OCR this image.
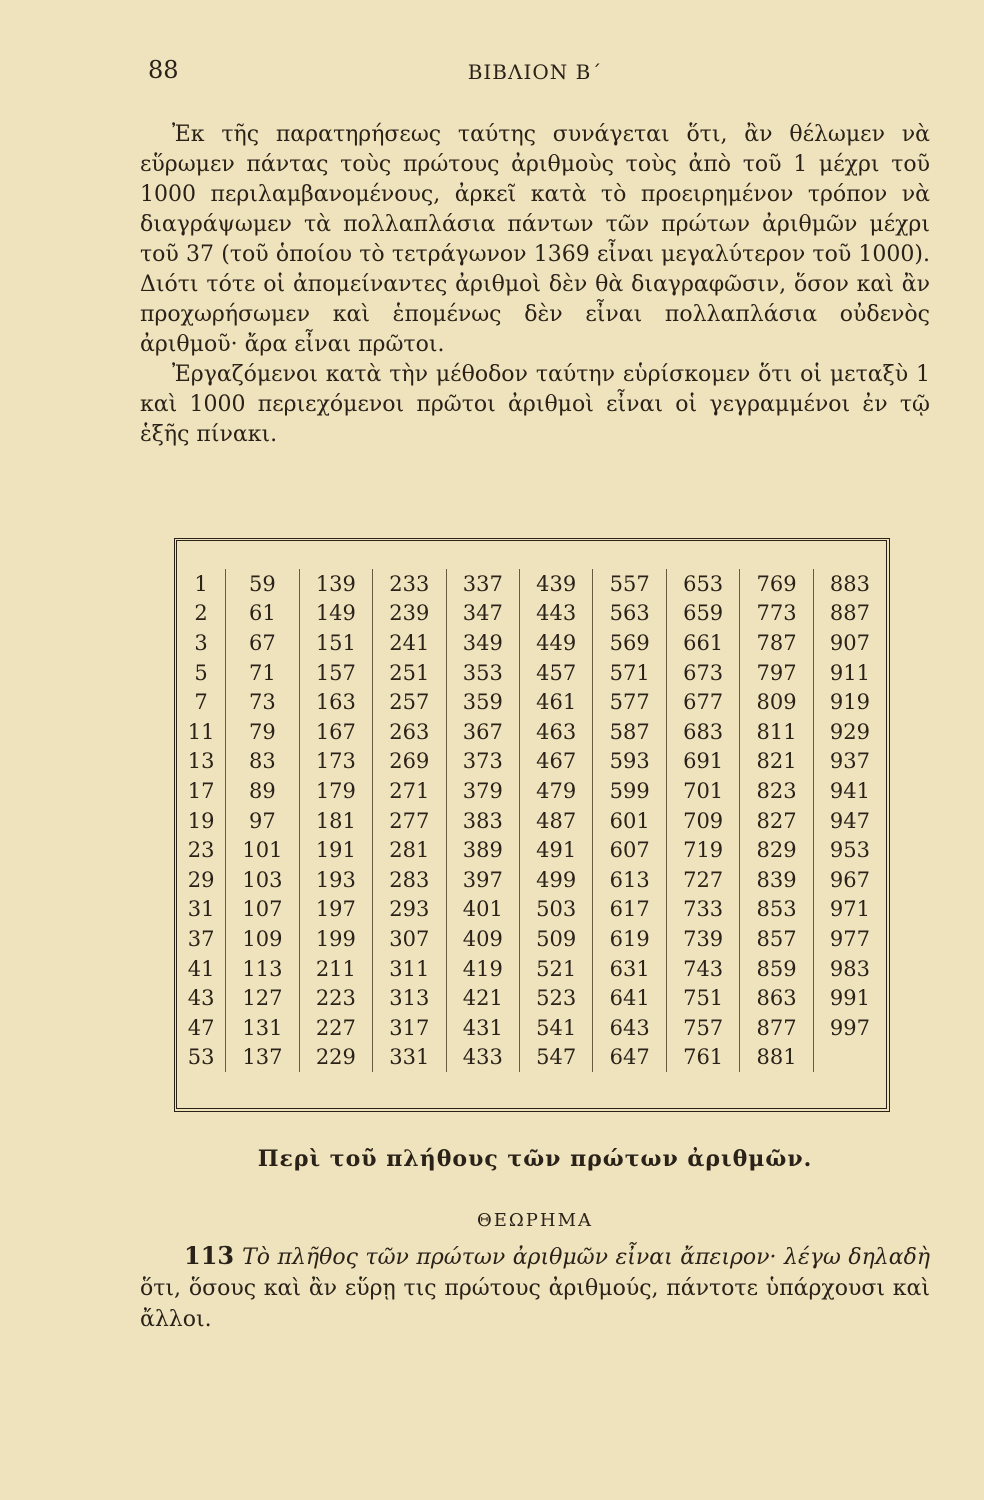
88	ΒΙΒΛΙΟΝ Β΄

Ἐκ τῆς παρατηρήσεως ταύτης συνάγεται ὅτι, ἂν θέλωμεν νὰ εὕρωμεν πάντας τοὺς πρώτους ἀριθμοὺς τοὺς ἀπὸ τοῦ 1 μέχρι τοῦ 1000 περιλαμβανομένους, ἀρκεῖ κατὰ τὸ προειρημένον τρόπον νὰ διαγράψωμεν τὰ πολλαπλάσια πάντων τῶν πρώτων ἀριθμῶν μέχρι τοῦ 37 (τοῦ ὁποίου τὸ τετράγωνον 1369 εἶναι μεγαλύτερον τοῦ 1000). Διότι τότε οἱ ἀπομείναντες ἀριθμοὶ δὲν θὰ διαγραφῶσιν, ὅσον καὶ ἂν προχωρήσωμεν καὶ ἑπομένως δὲν εἶναι πολλαπλάσια οὐδενὸς ἀριθμοῦ· ἄρα εἶναι πρῶτοι.

Ἐργαζόμενοι κατὰ τὴν μέθοδον ταύτην εὑρίσκομεν ὅτι οἱ μεταξὺ 1 καὶ 1000 περιεχόμενοι πρῶτοι ἀριθμοὶ εἶναι οἱ γεγραμμένοι ἐν τῷ ἑξῆς πίνακι.

1	59	139	233	337	439	557	653	769	883
2	61	149	239	347	443	563	659	773	887
3	67	151	241	349	449	569	661	787	907
5	71	157	251	353	457	571	673	797	911
7	73	163	257	359	461	577	677	809	919
11	79	167	263	367	463	587	683	811	929
13	83	173	269	373	467	593	691	821	937
17	89	179	271	379	479	599	701	823	941
19	97	181	277	383	487	601	709	827	947
23	101	191	281	389	491	607	719	829	953
29	103	193	283	397	499	613	727	839	967
31	107	197	293	401	503	617	733	853	971
37	109	199	307	409	509	619	739	857	977
41	113	211	311	419	521	631	743	859	983
43	127	223	313	421	523	641	751	863	991
47	131	227	317	431	541	643	757	877	997
53	137	229	331	433	547	647	761	881	
Περὶ τοῦ πλήθους τῶν πρώτων ἀριθμῶν.
ΘΕΩΡΗΜΑ
113 Τὸ πλῆθος τῶν πρώτων ἀριθμῶν εἶναι ἄπειρον· λέγω δηλαδὴ ὅτι, ὅσους καὶ ἂν εὕρῃ τις πρώτους ἀριθμούς, πάντοτε ὑπάρχουσι καὶ ἄλλοι.
